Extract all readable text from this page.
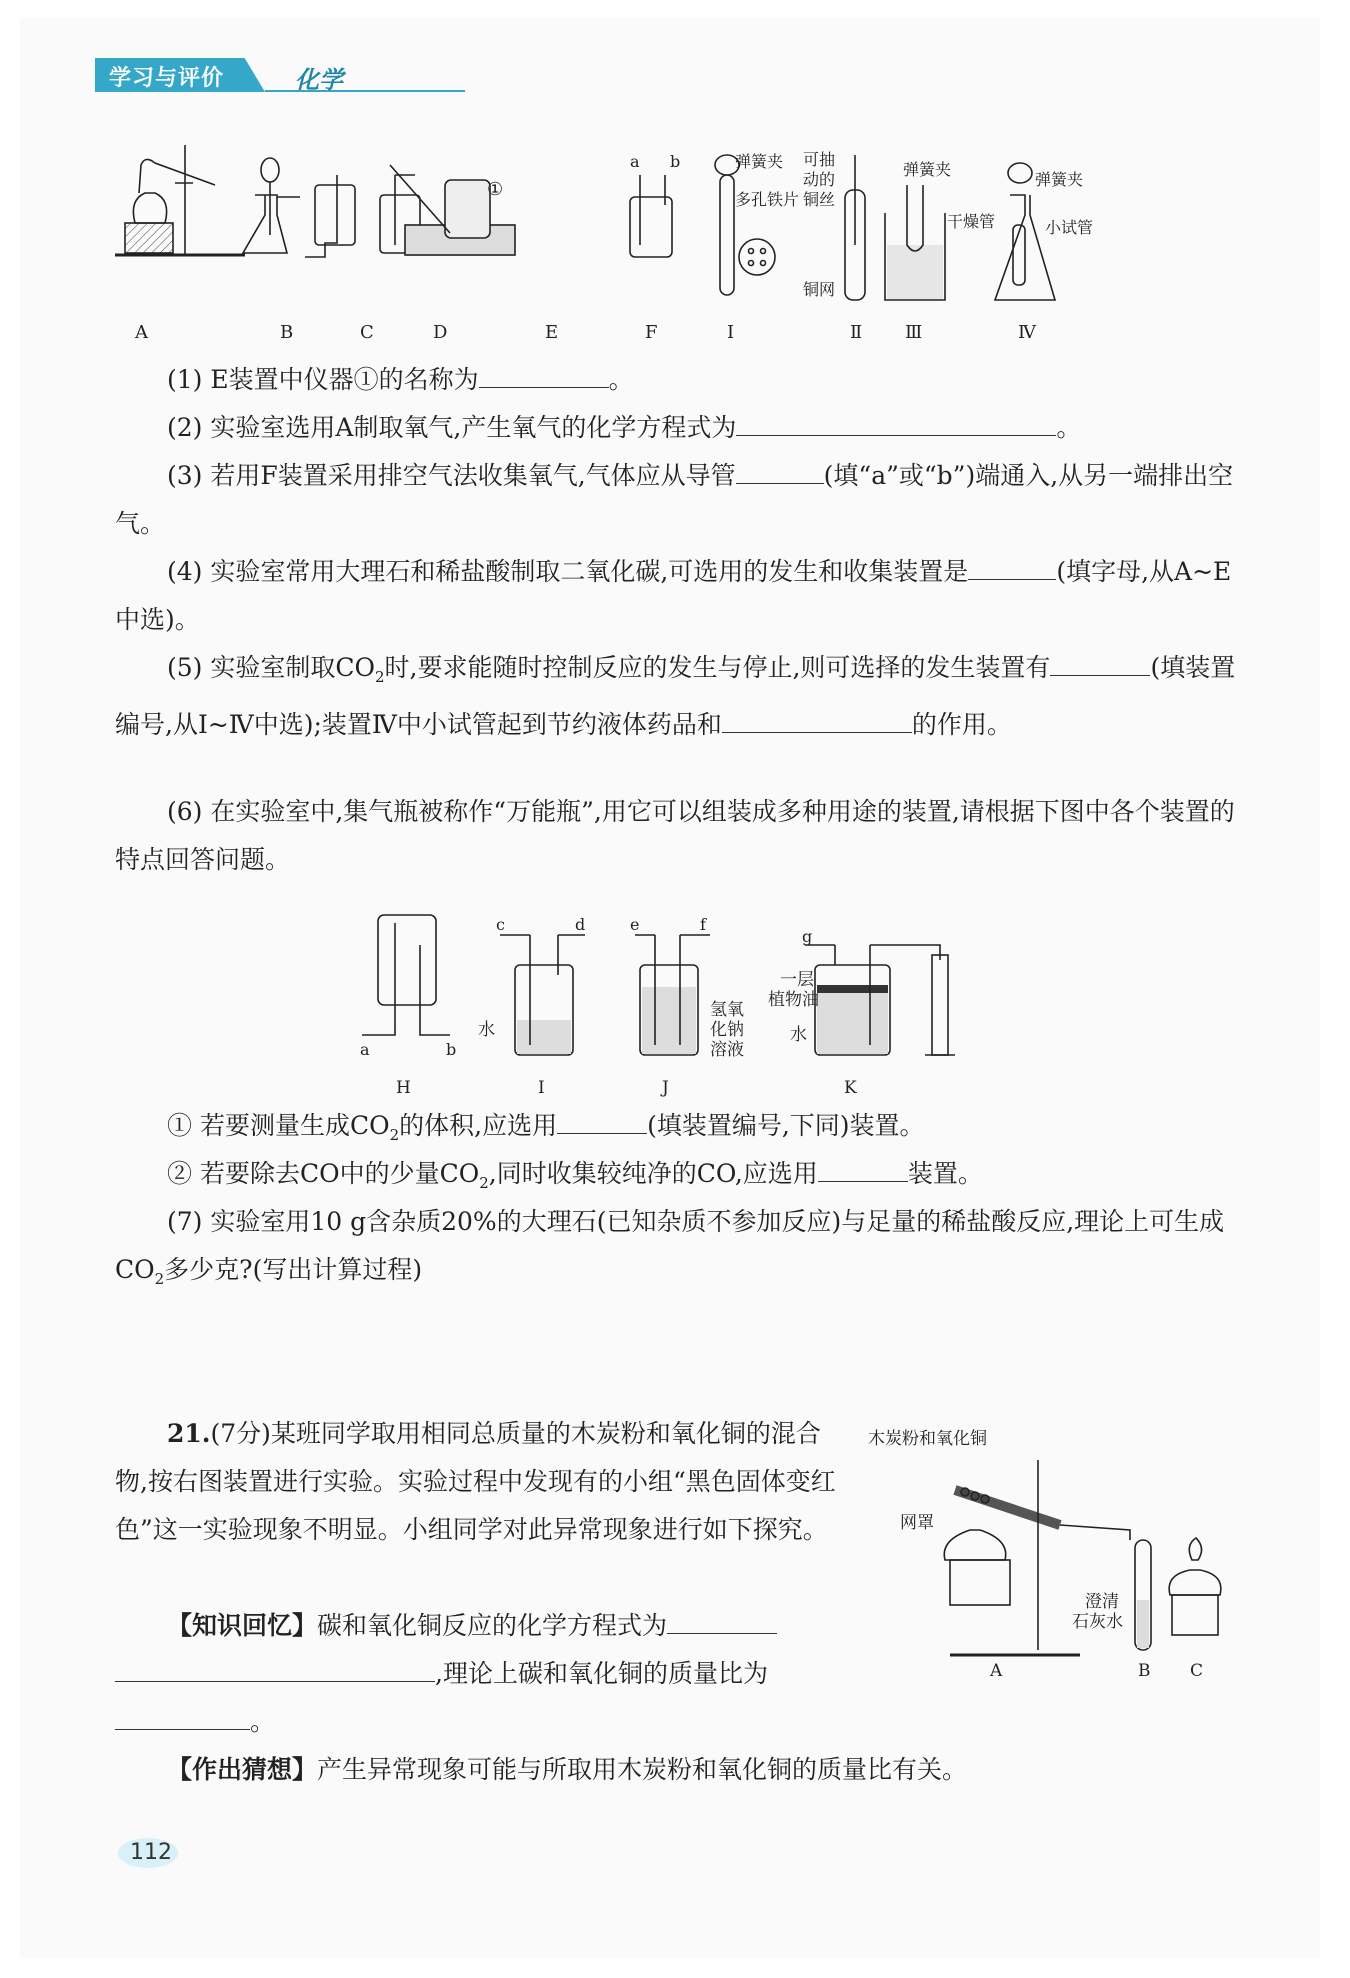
学习与评价	化学
A	B	C	D
①
E
a b
F	Ⅰ
弹簧夹
多孔铁片
Ⅱ
可抽
动的
铜丝
铜网
Ⅲ
弹簧夹
干燥管
Ⅳ
弹簧夹
小试管
(1) E装置中仪器①的名称为	。
(2) 实验室选用A制取氧气,产生氧气的化学方程式为	。
(3) 若用F装置采用排空气法收集氧气,气体应从导管	(填“a”或“b”)端通入,从另一端排出空气。
(4) 实验室常用大理石和稀盐酸制取二氧化碳,可选用的发生和收集装置是	(填字母,从A~E中选)。
(5) 实验室制取$CO_2$时,要求能随时控制反应的发生与停止,则可选择的发生装置有	(填装置编号,从Ⅰ~Ⅳ中选);装置Ⅳ中小试管起到节约液体药品和	的作用。
(6) 在实验室中,集气瓶被称作“万能瓶”,用它可以组装成多种用途的装置,请根据下图中各个装置的特点回答问题。
a	b
H
c	d
水
I
e	f
氢氧
化钠
溶液
J
g
一层
植物油
水
K
① 若要测量生成$CO_2$的体积,应选用	(填装置编号,下同)装置。
② 若要除去CO中的少量$CO_2$,同时收集较纯净的CO,应选用	装置。
(7) 实验室用10 g含杂质20%的大理石(已知杂质不参加反应)与足量的稀盐酸反应,理论上可生成$CO_2$多少克?(写出计算过程)
21.(7分)某班同学取用相同总质量的木炭粉和氧化铜的混合物,按右图装置进行实验。实验过程中发现有的小组“黑色固体变红色”这一实验现象不明显。小组同学对此异常现象进行如下探究。
【知识回忆】碳和氧化铜反应的化学方程式为,理论上碳和氧化铜的质量比为。
【作出猜想】产生异常现象可能与所取用木炭粉和氧化铜的质量比有关。
木炭粉和氧化铜
网罩
澄清
石灰水
A	B C
112
